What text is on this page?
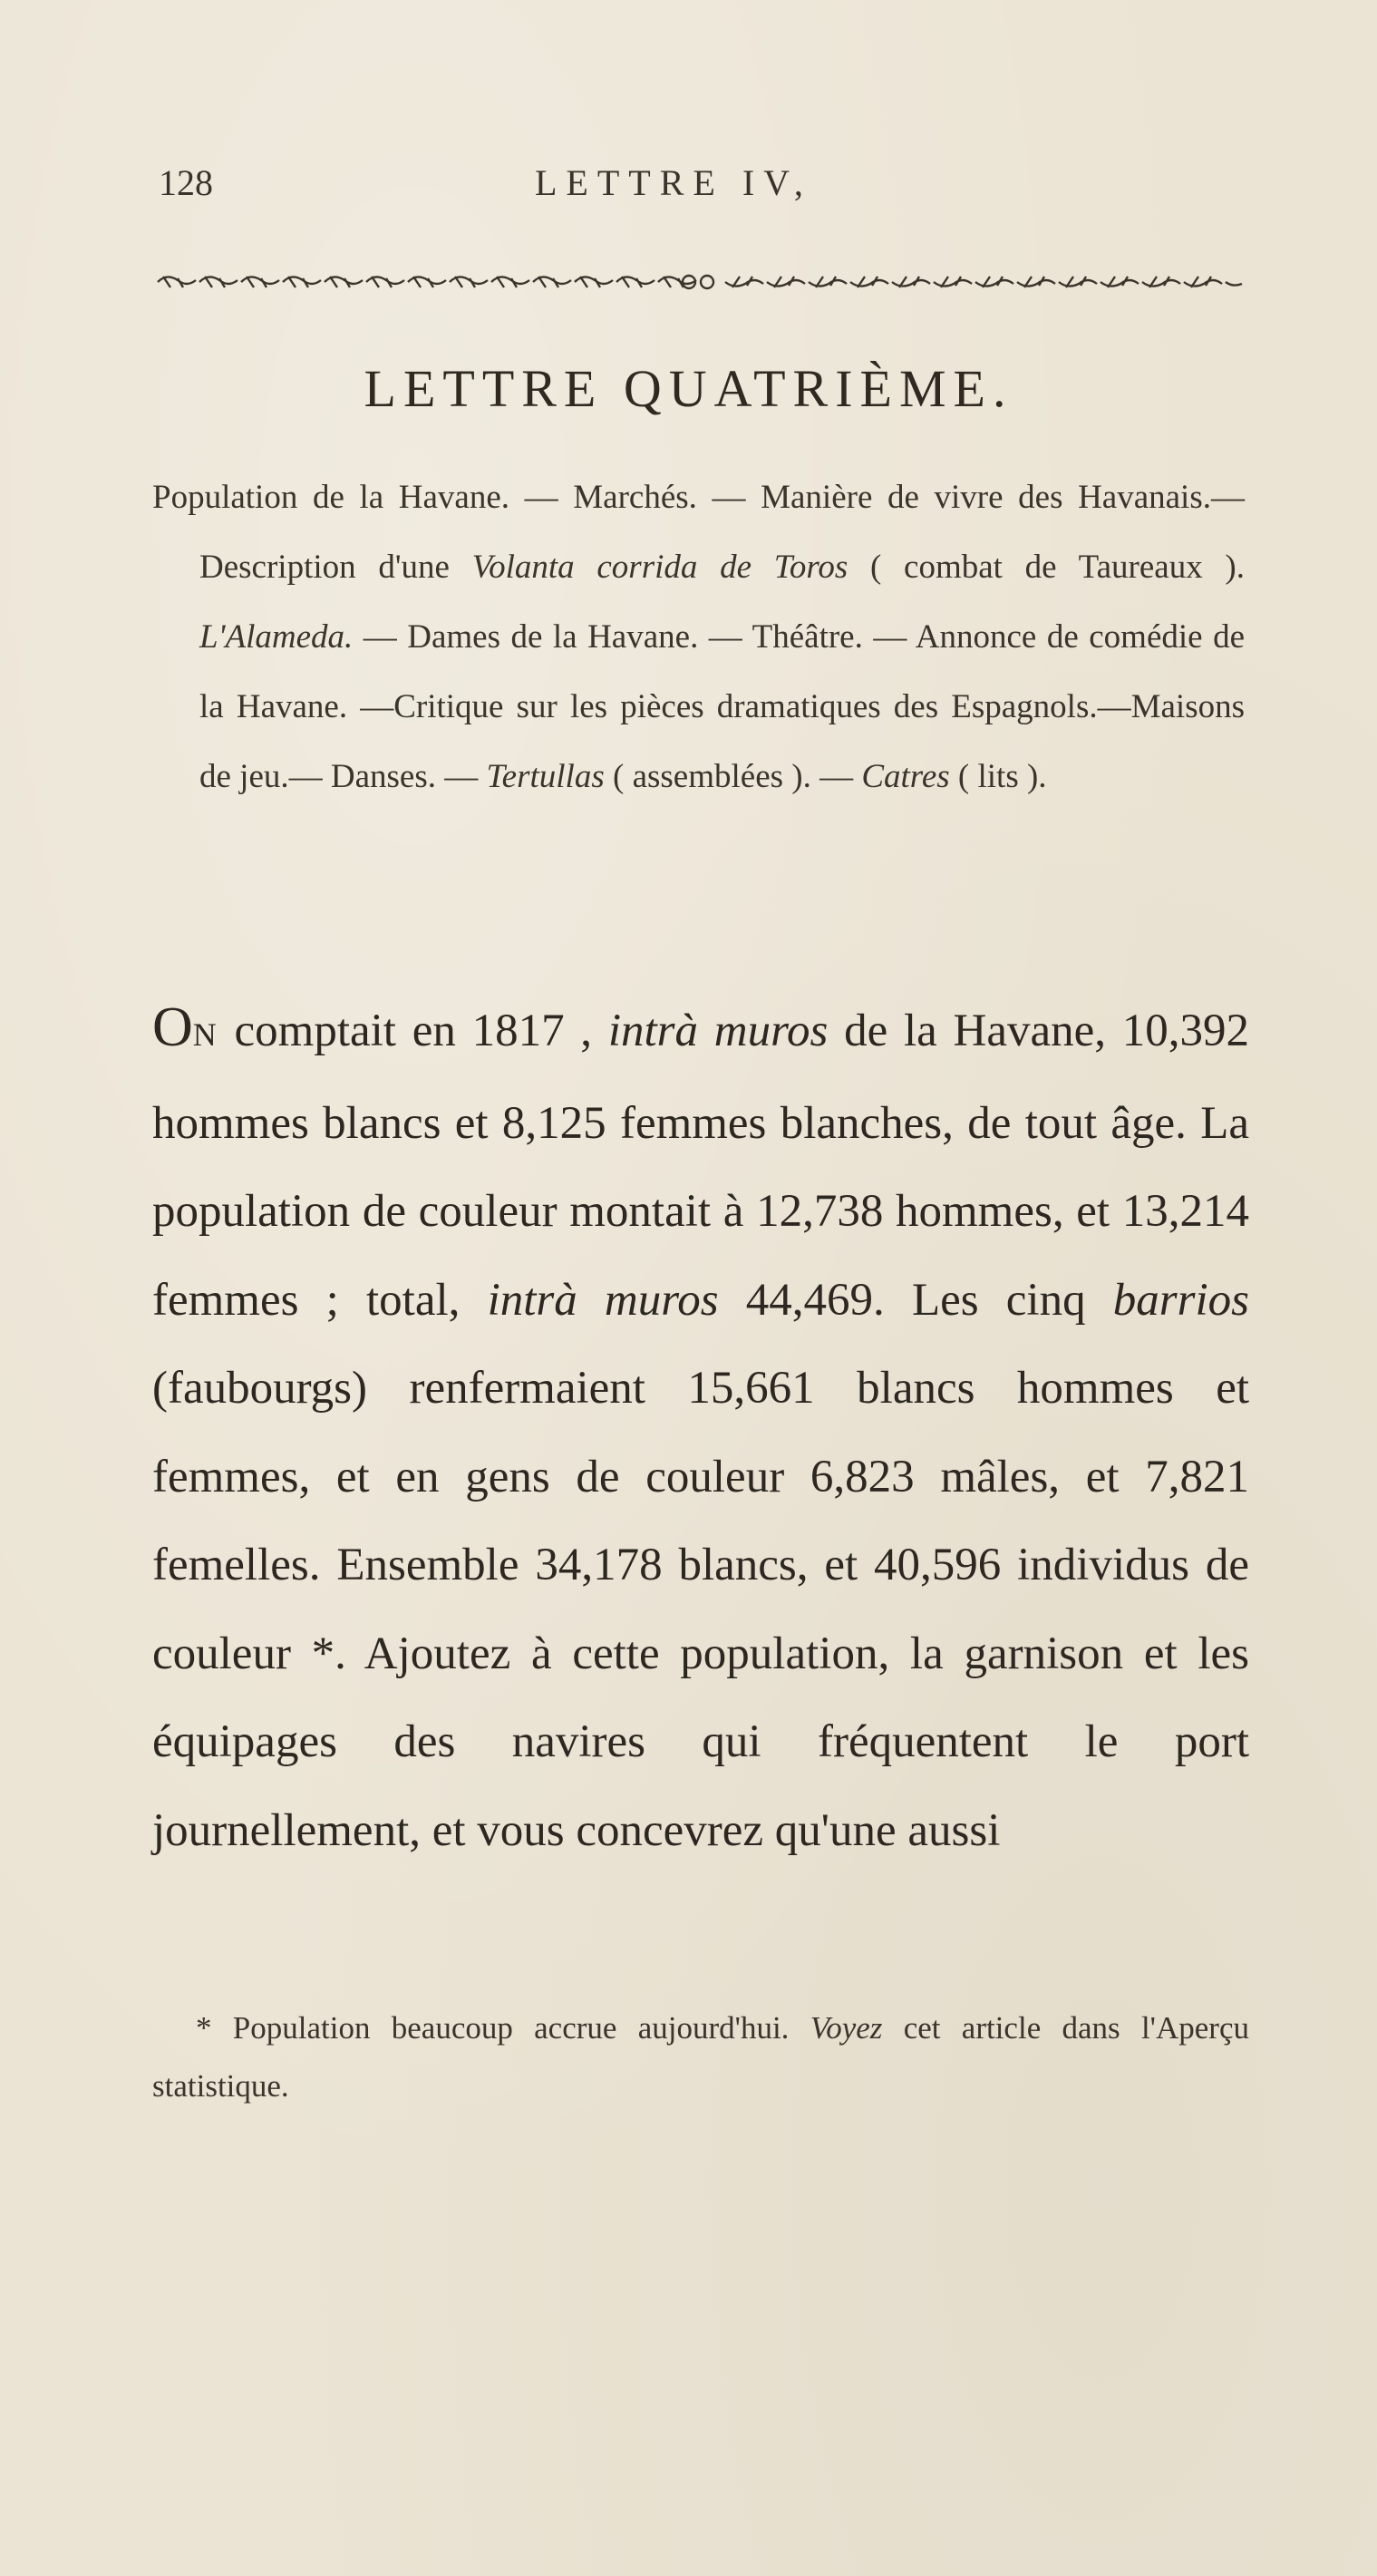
128	LETTRE IV,
LETTRE QUATRIÈME.

Population de la Havane. — Marchés. — Manière de vivre des Havanais.— Description d'une Volanta corrida de Toros ( combat de Taureaux ). L'Alameda. — Dames de la Havane. — Théâtre. — Annonce de comédie de la Havane. —Critique sur les pièces dramatiques des Espagnols.—Maisons de jeu.— Danses. — Tertullas ( assemblées ). — Catres ( lits ).

ON comptait en 1817 , intrà muros de la Havane, 10,392 hommes blancs et 8,125 femmes blanches, de tout âge. La population de couleur montait à 12,738 hommes, et 13,214 femmes ; total, intrà muros 44,469. Les cinq barrios (faubourgs) renfermaient 15,661 blancs hommes et femmes, et en gens de couleur 6,823 mâles, et 7,821 femelles. Ensemble 34,178 blancs, et 40,596 individus de couleur *. Ajoutez à cette population, la garnison et les équipages des navires qui fréquentent le port journellement, et vous concevrez qu'une aussi

* Population beaucoup accrue aujourd'hui. Voyez cet article dans l'Aperçu statistique.
